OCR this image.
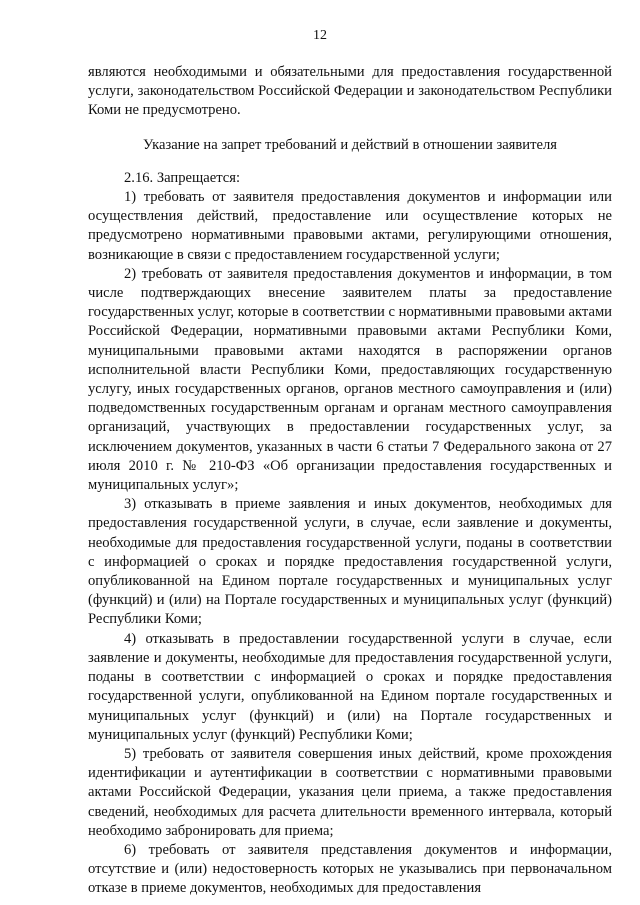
12

являются необходимыми и обязательными для предоставления государственной услуги, законодательством Российской Федерации и законодательством Республики Коми не предусмотрено.

Указание на запрет требований и действий в отношении заявителя

2.16. Запрещается:

1) требовать от заявителя предоставления документов и информации или осуществления действий, предоставление или осуществление которых не предусмотрено нормативными правовыми актами, регулирующими отношения, возникающие в связи с предоставлением государственной услуги;

2) требовать от заявителя предоставления документов и информации, в том числе подтверждающих внесение заявителем платы за предоставление государственных услуг, которые в соответствии с нормативными правовыми актами Российской Федерации, нормативными правовыми актами Республики Коми, муниципальными правовыми актами находятся в распоряжении органов исполнительной власти Республики Коми, предоставляющих государственную услугу, иных государственных органов, органов местного самоуправления и (или) подведомственных государственным органам и органам местного самоуправления организаций, участвующих в предоставлении государственных услуг, за исключением документов, указанных в части 6 статьи 7 Федерального закона от 27 июля 2010 г. № 210-ФЗ «Об организации предоставления государственных и муниципальных услуг»;

3) отказывать в приеме заявления и иных документов, необходимых для предоставления государственной услуги, в случае, если заявление и документы, необходимые для предоставления государственной услуги, поданы в соответствии с информацией о сроках и порядке предоставления государственной услуги, опубликованной на Едином портале государственных и муниципальных услуг (функций) и (или) на Портале государственных и муниципальных услуг (функций) Республики Коми;

4) отказывать в предоставлении государственной услуги в случае, если заявление и документы, необходимые для предоставления государственной услуги, поданы в соответствии с информацией о сроках и порядке предоставления государственной услуги, опубликованной на Едином портале государственных и муниципальных услуг (функций) и (или) на Портале государственных и муниципальных услуг (функций) Республики Коми;

5) требовать от заявителя совершения иных действий, кроме прохождения идентификации и аутентификации в соответствии с нормативными правовыми актами Российской Федерации, указания цели приема, а также предоставления сведений, необходимых для расчета длительности временного интервала, который необходимо забронировать для приема;

6) требовать от заявителя представления документов и информации, отсутствие и (или) недостоверность которых не указывались при первоначальном отказе в приеме документов, необходимых для предоставления
